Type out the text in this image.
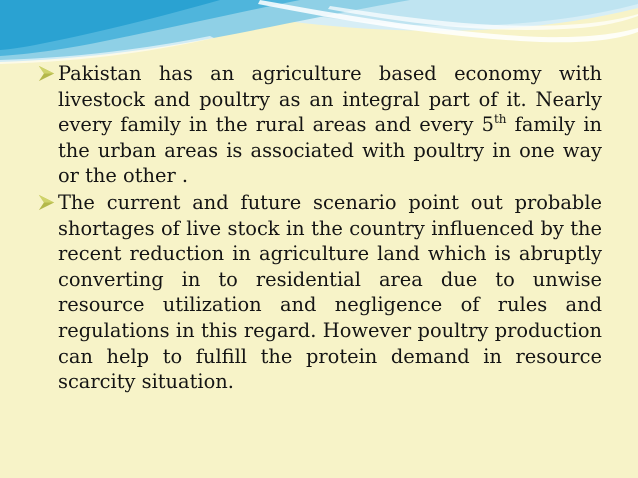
Pakistan has an agriculture based economy with livestock and poultry as an integral part of it. Nearly every family in the rural areas and every 5th family in the urban areas is associated with poultry in one way or the other .

The current and future scenario point out probable shortages of live stock in the country influenced by the recent reduction in agriculture land which is abruptly converting in to residential area due to unwise resource utilization and negligence of rules and regulations in this regard. However poultry production can help to fulfill the protein demand in resource scarcity situation.
